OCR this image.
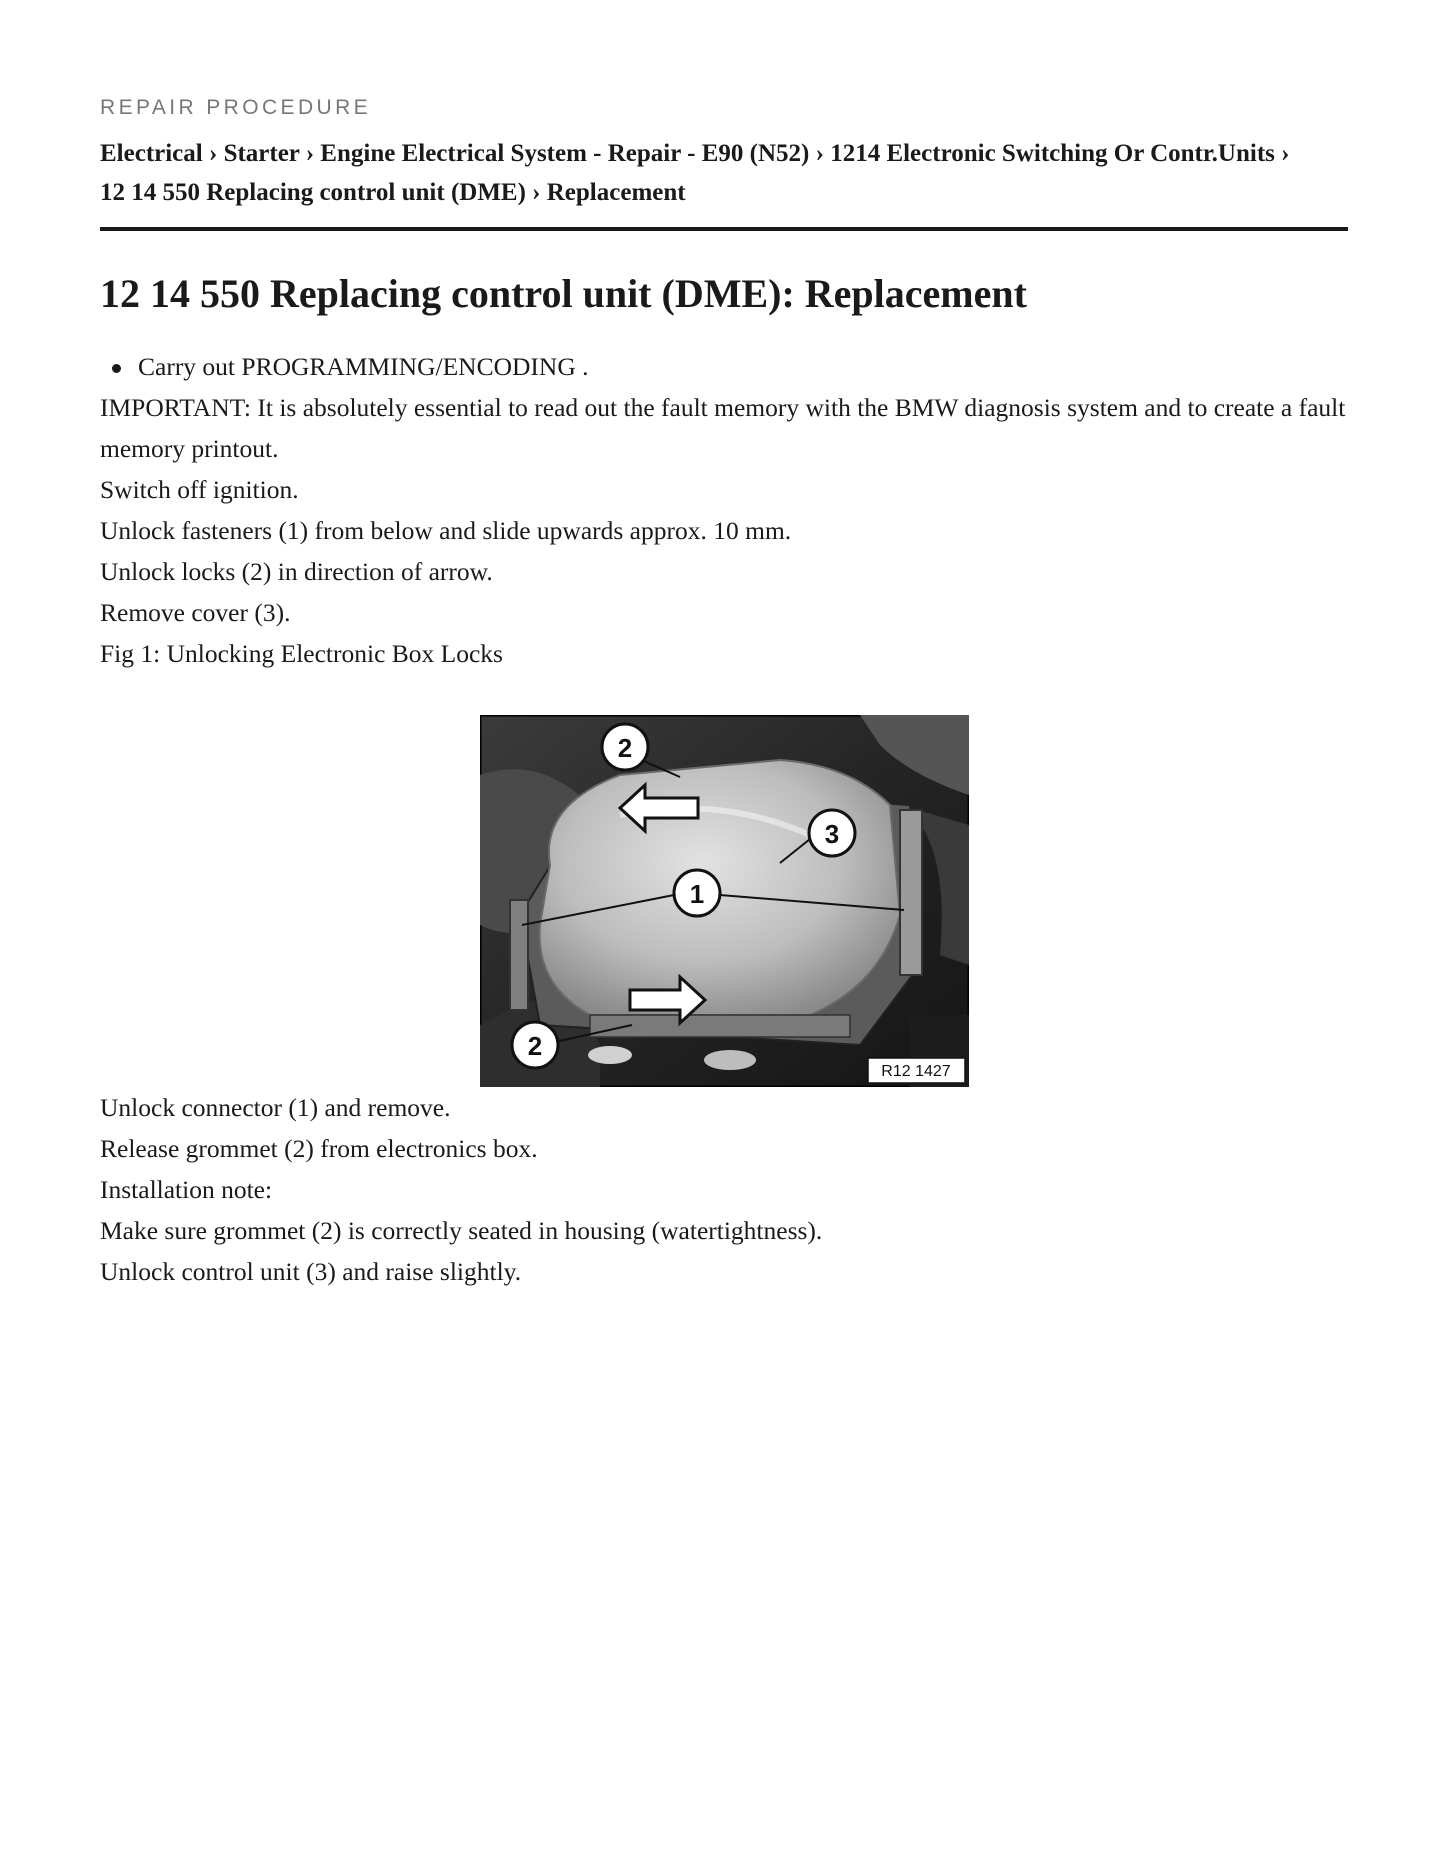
REPAIR PROCEDURE

Electrical › Starter › Engine Electrical System - Repair - E90 (N52) › 1214 Electronic Switching Or Contr.Units ›
12 14 550 Replacing control unit (DME) › Replacement
12 14 550 Replacing control unit (DME): Replacement
Carry out PROGRAMMING/ENCODING .

IMPORTANT: It is absolutely essential to read out the fault memory with the BMW diagnosis system and to create a fault memory printout.

Switch off ignition.

Unlock fasteners (1) from below and slide upwards approx. 10 mm.

Unlock locks (2) in direction of arrow.

Remove cover (3).

Fig 1: Unlocking Electronic Box Locks

2
3
1
2
R12 1427

Unlock connector (1) and remove.

Release grommet (2) from electronics box.

Installation note:

Make sure grommet (2) is correctly seated in housing (watertightness).

Unlock control unit (3) and raise slightly.
